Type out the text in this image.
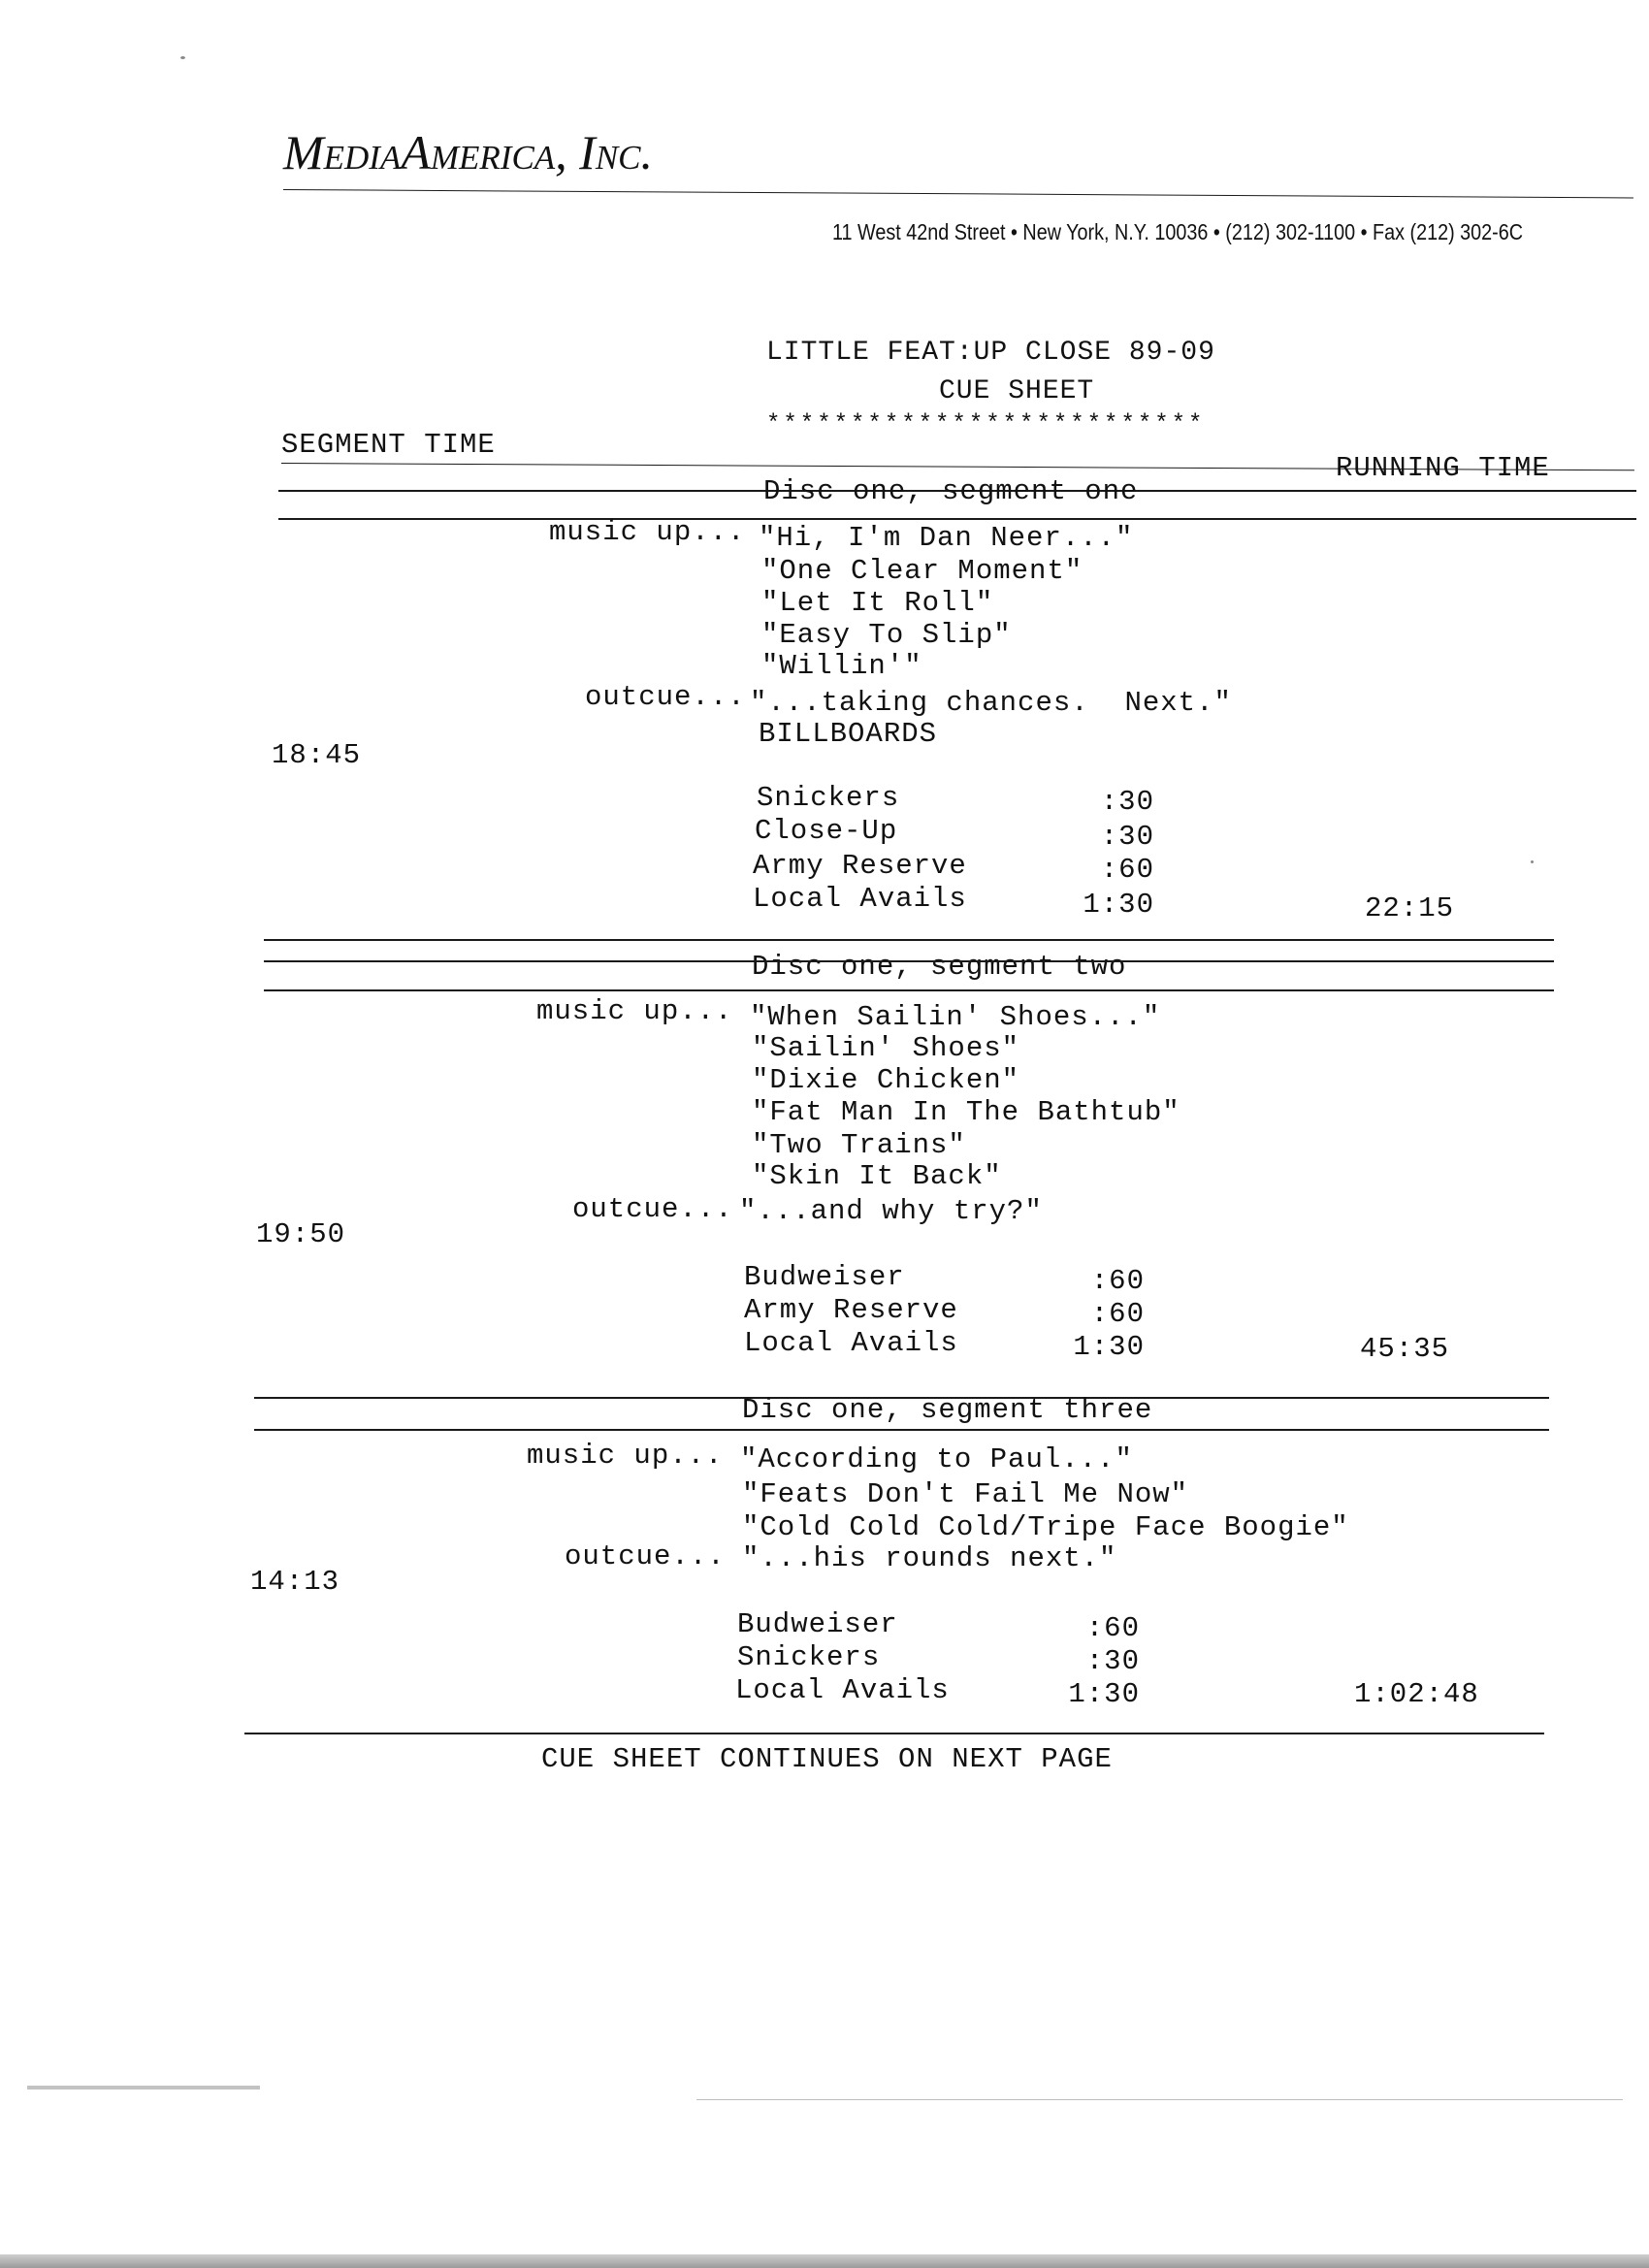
MediaAmerica, Inc.
11 West 42nd Street • New York, N.Y. 10036 • (212) 302-1100 • Fax (212) 302-6C
LITTLE FEAT:UP CLOSE 89-09
CUE SHEET
**************************
SEGMENT TIME
RUNNING TIME
Disc one, segment one
music up... "Hi, I'm Dan Neer..."
"One Clear Moment"
"Let It Roll"
"Easy To Slip"
"Willin'"
outcue... "...taking chances.  Next."
BILLBOARDS
18:45
Snickers	:30
Close-Up	:30
Army Reserve	:60
Local Avails	1:30	22:15
Disc one, segment two
music up... "When Sailin' Shoes..."
"Sailin' Shoes"
"Dixie Chicken"
"Fat Man In The Bathtub"
"Two Trains"
"Skin It Back"
outcue... "...and why try?"
19:50
Budweiser	:60
Army Reserve	:60
Local Avails	1:30	45:35
Disc one, segment three
music up... "According to Paul..."
"Feats Don't Fail Me Now"
"Cold Cold Cold/Tripe Face Boogie"
outcue... "...his rounds next."
14:13
Budweiser	:60
Snickers	:30
Local Avails	1:30	1:02:48
CUE SHEET CONTINUES ON NEXT PAGE
